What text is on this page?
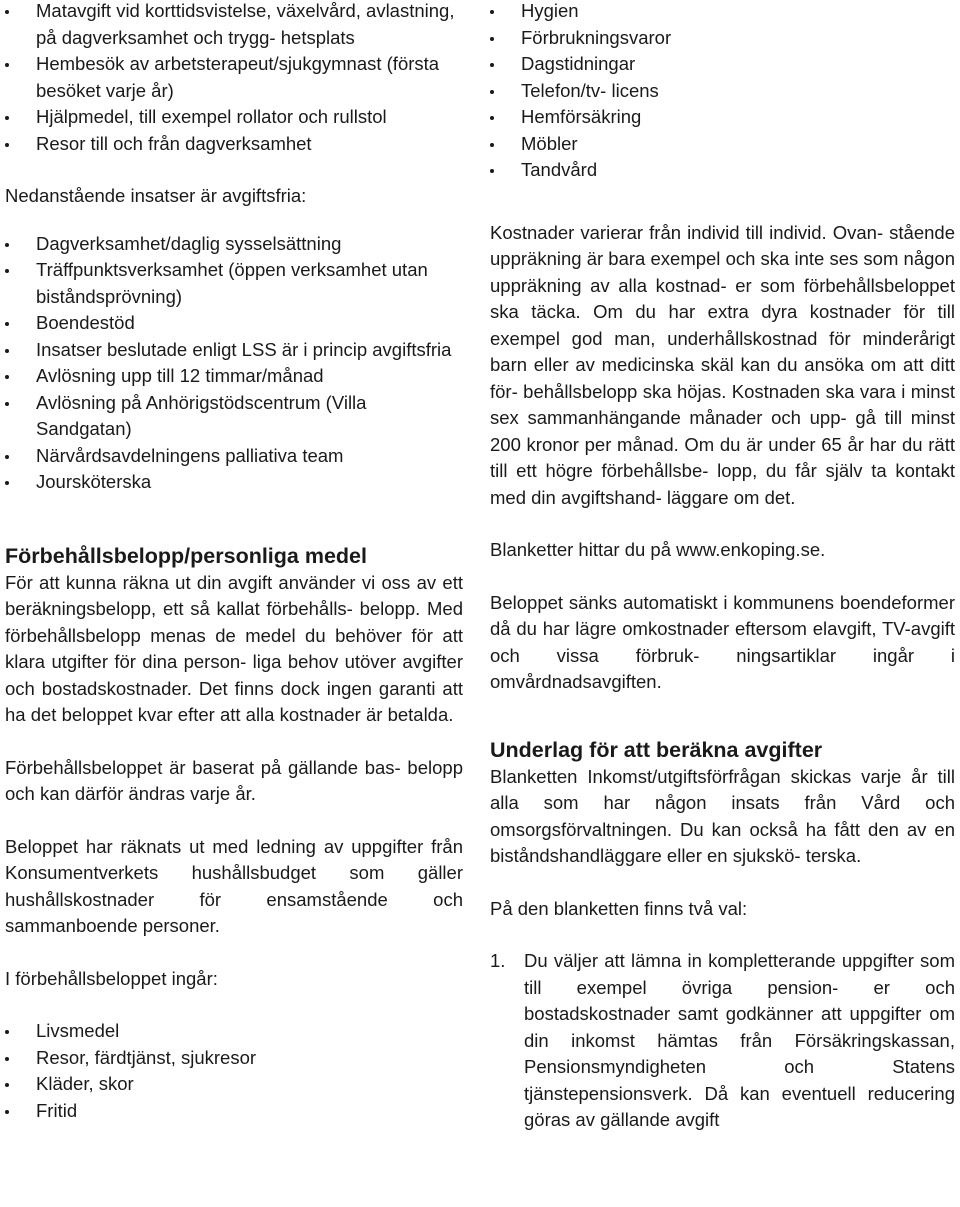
Matavgift vid korttidsvistelse, växelvård, avlastning, på dagverksamhet och trygg- hetsplats
Hembesök av arbetsterapeut/sjukgymnast (första besöket varje år)
Hjälpmedel, till exempel rollator och rullstol
Resor till och från dagverksamhet

Nedanstående insatser är avgiftsfria:

Dagverksamhet/daglig sysselsättning
Träffpunktsverksamhet (öppen verksamhet utan biståndsprövning)
Boendestöd
Insatser beslutade enligt LSS är i princip avgiftsfria
Avlösning upp till 12 timmar/månad
Avlösning på Anhörigstödscentrum (Villa Sandgatan)
Närvårdsavdelningens palliativa team
Joursköterska
Förbehållsbelopp/personliga medel

För att kunna räkna ut din avgift använder vi oss av ett beräkningsbelopp, ett så kallat förbehålls- belopp. Med förbehållsbelopp menas de medel du behöver för att klara utgifter för dina person- liga behov utöver avgifter och bostadskostnader. Det finns dock ingen garanti att ha det beloppet kvar efter att alla kostnader är betalda.

Förbehållsbeloppet är baserat på gällande bas- belopp och kan därför ändras varje år.

Beloppet har räknats ut med ledning av uppgifter från Konsumentverkets hushållsbudget som gäller hushållskostnader för ensamstående och sammanboende personer.

I förbehållsbeloppet ingår:

Livsmedel
Resor, färdtjänst, sjukresor
Kläder, skor
Fritid
Hygien
Förbrukningsvaror
Dagstidningar
Telefon/tv- licens
Hemförsäkring
Möbler
Tandvård

Kostnader varierar från individ till individ. Ovan- stående uppräkning är bara exempel och ska inte ses som någon uppräkning av alla kostnad- er som förbehållsbeloppet ska täcka. Om du har extra dyra kostnader för till exempel god man, underhållskostnad för minderårigt barn eller av medicinska skäl kan du ansöka om att ditt för- behållsbelopp ska höjas. Kostnaden ska vara i minst sex sammanhängande månader och upp- gå till minst 200 kronor per månad. Om du är under 65 år har du rätt till ett högre förbehållsbe- lopp, du får själv ta kontakt med din avgiftshand- läggare om det.

Blanketter hittar du på www.enkoping.se.

Beloppet sänks automatiskt i kommunens boendeformer då du har lägre omkostnader eftersom elavgift, TV-avgift och vissa förbruk- ningsartiklar ingår i omvårdnadsavgiften.

Underlag för att beräkna avgifter

Blanketten Inkomst/utgiftsförfrågan skickas varje år till alla som har någon insats från Vård och omsorgsförvaltningen. Du kan också ha fått den av en biståndshandläggare eller en sjukskö- terska.

På den blanketten finns två val:

1. Du väljer att lämna in kompletterande uppgifter som till exempel övriga pension- er och bostadskostnader samt godkänner att uppgifter om din inkomst hämtas från Försäkringskassan, Pensionsmyndigheten och Statens tjänstepensionsverk. Då kan eventuell reducering göras av gällande avgift
